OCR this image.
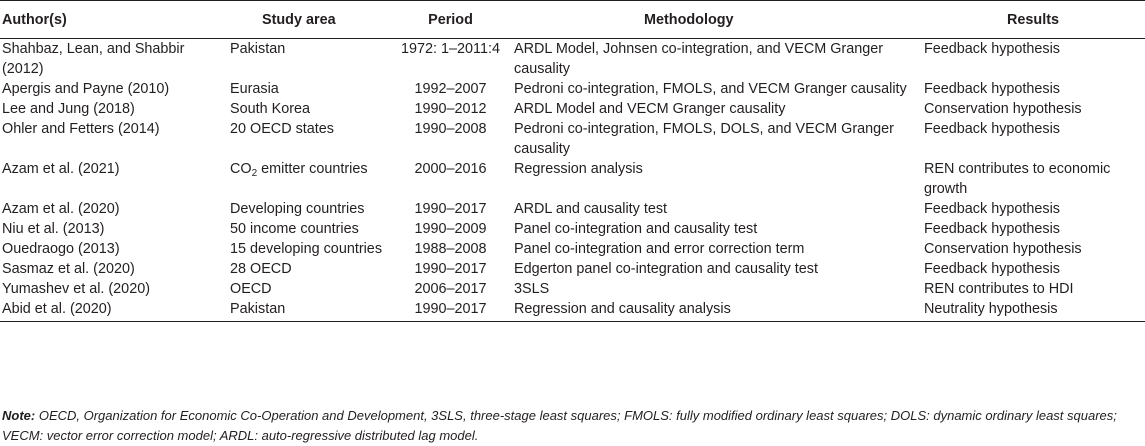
Author(s)	Study area	Period	Methodology	Results
Shahbaz, Lean, and Shabbir (2012)	Pakistan	1972: 1–2011:4	ARDL Model, Johnsen co-integration, and VECM Granger causality	Feedback hypothesis
Apergis and Payne (2010)	Eurasia	1992–2007	Pedroni co-integration, FMOLS, and VECM Granger causality	Feedback hypothesis
Lee and Jung (2018)	South Korea	1990–2012	ARDL Model and VECM Granger causality	Conservation hypothesis
Ohler and Fetters (2014)	20 OECD states	1990–2008	Pedroni co-integration, FMOLS, DOLS, and VECM Granger causality	Feedback hypothesis
Azam et al. (2021)	$CO_2$ emitter countries	2000–2016	Regression analysis	REN contributes to economic growth
Azam et al. (2020)	Developing countries	1990–2017	ARDL and causality test	Feedback hypothesis
Niu et al. (2013)	50 income countries	1990–2009	Panel co-integration and causality test	Feedback hypothesis
Ouedraogo (2013)	15 developing countries	1988–2008	Panel co-integration and error correction term	Conservation hypothesis
Sasmaz et al. (2020)	28 OECD	1990–2017	Edgerton panel co-integration and causality test	Feedback hypothesis
Yumashev et al. (2020)	OECD	2006–2017	3SLS	REN contributes to HDI
Abid et al. (2020)	Pakistan	1990–2017	Regression and causality analysis	Neutrality hypothesis
Note: OECD, Organization for Economic Co-Operation and Development, 3SLS, three-stage least squares; FMOLS: fully modified ordinary least squares; DOLS: dynamic ordinary least squares; VECM: vector error correction model; ARDL: auto-regressive distributed lag model.
